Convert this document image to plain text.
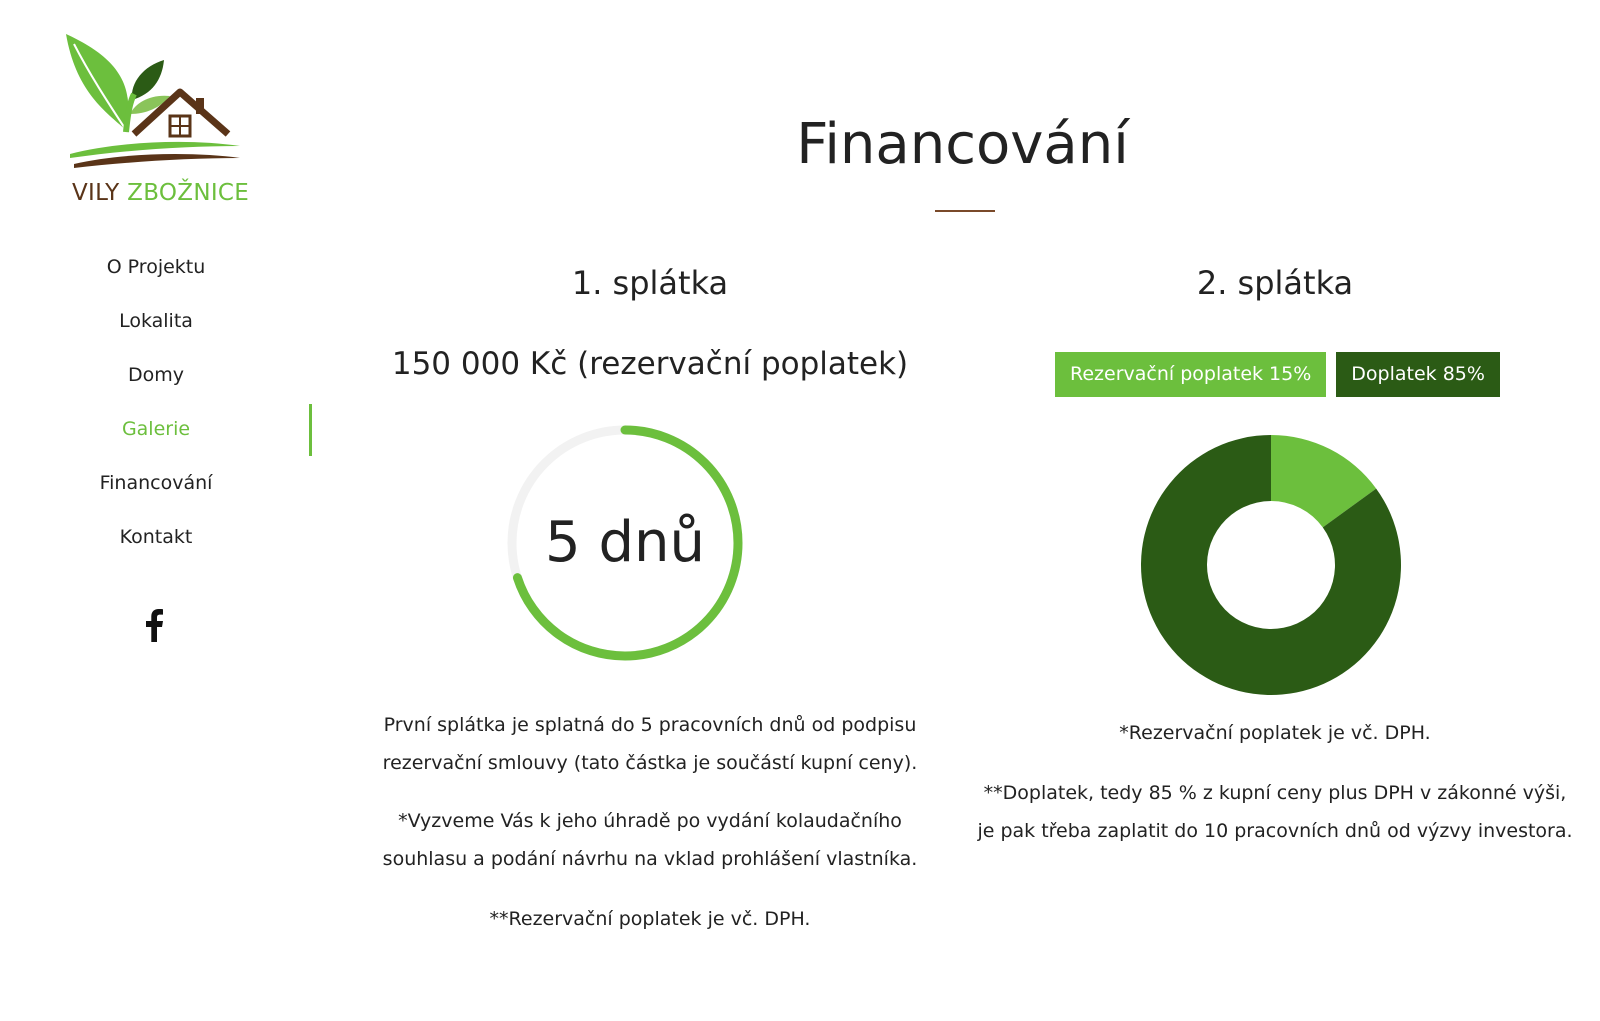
VILY ZBOŽNICE
O Projektu
Lokalita
Domy
Galerie
Financování
Kontakt
Financování
1. splátka
150 000 Kč (rezervační poplatek)
5 dnů
První splátka je splatná do 5 pracovních dnů od podpisu
rezervační smlouvy (tato částka je součástí kupní ceny).
*Vyzveme Vás k jeho úhradě po vydání kolaudačního
souhlasu a podání návrhu na vklad prohlášení vlastníka.
**Rezervační poplatek je vč. DPH.
2. splátka
Rezervační poplatek 15%	Doplatek 85%
*Rezervační poplatek je vč. DPH.
**Doplatek, tedy 85 % z kupní ceny plus DPH v zákonné výši,
je pak třeba zaplatit do 10 pracovních dnů od výzvy investora.
